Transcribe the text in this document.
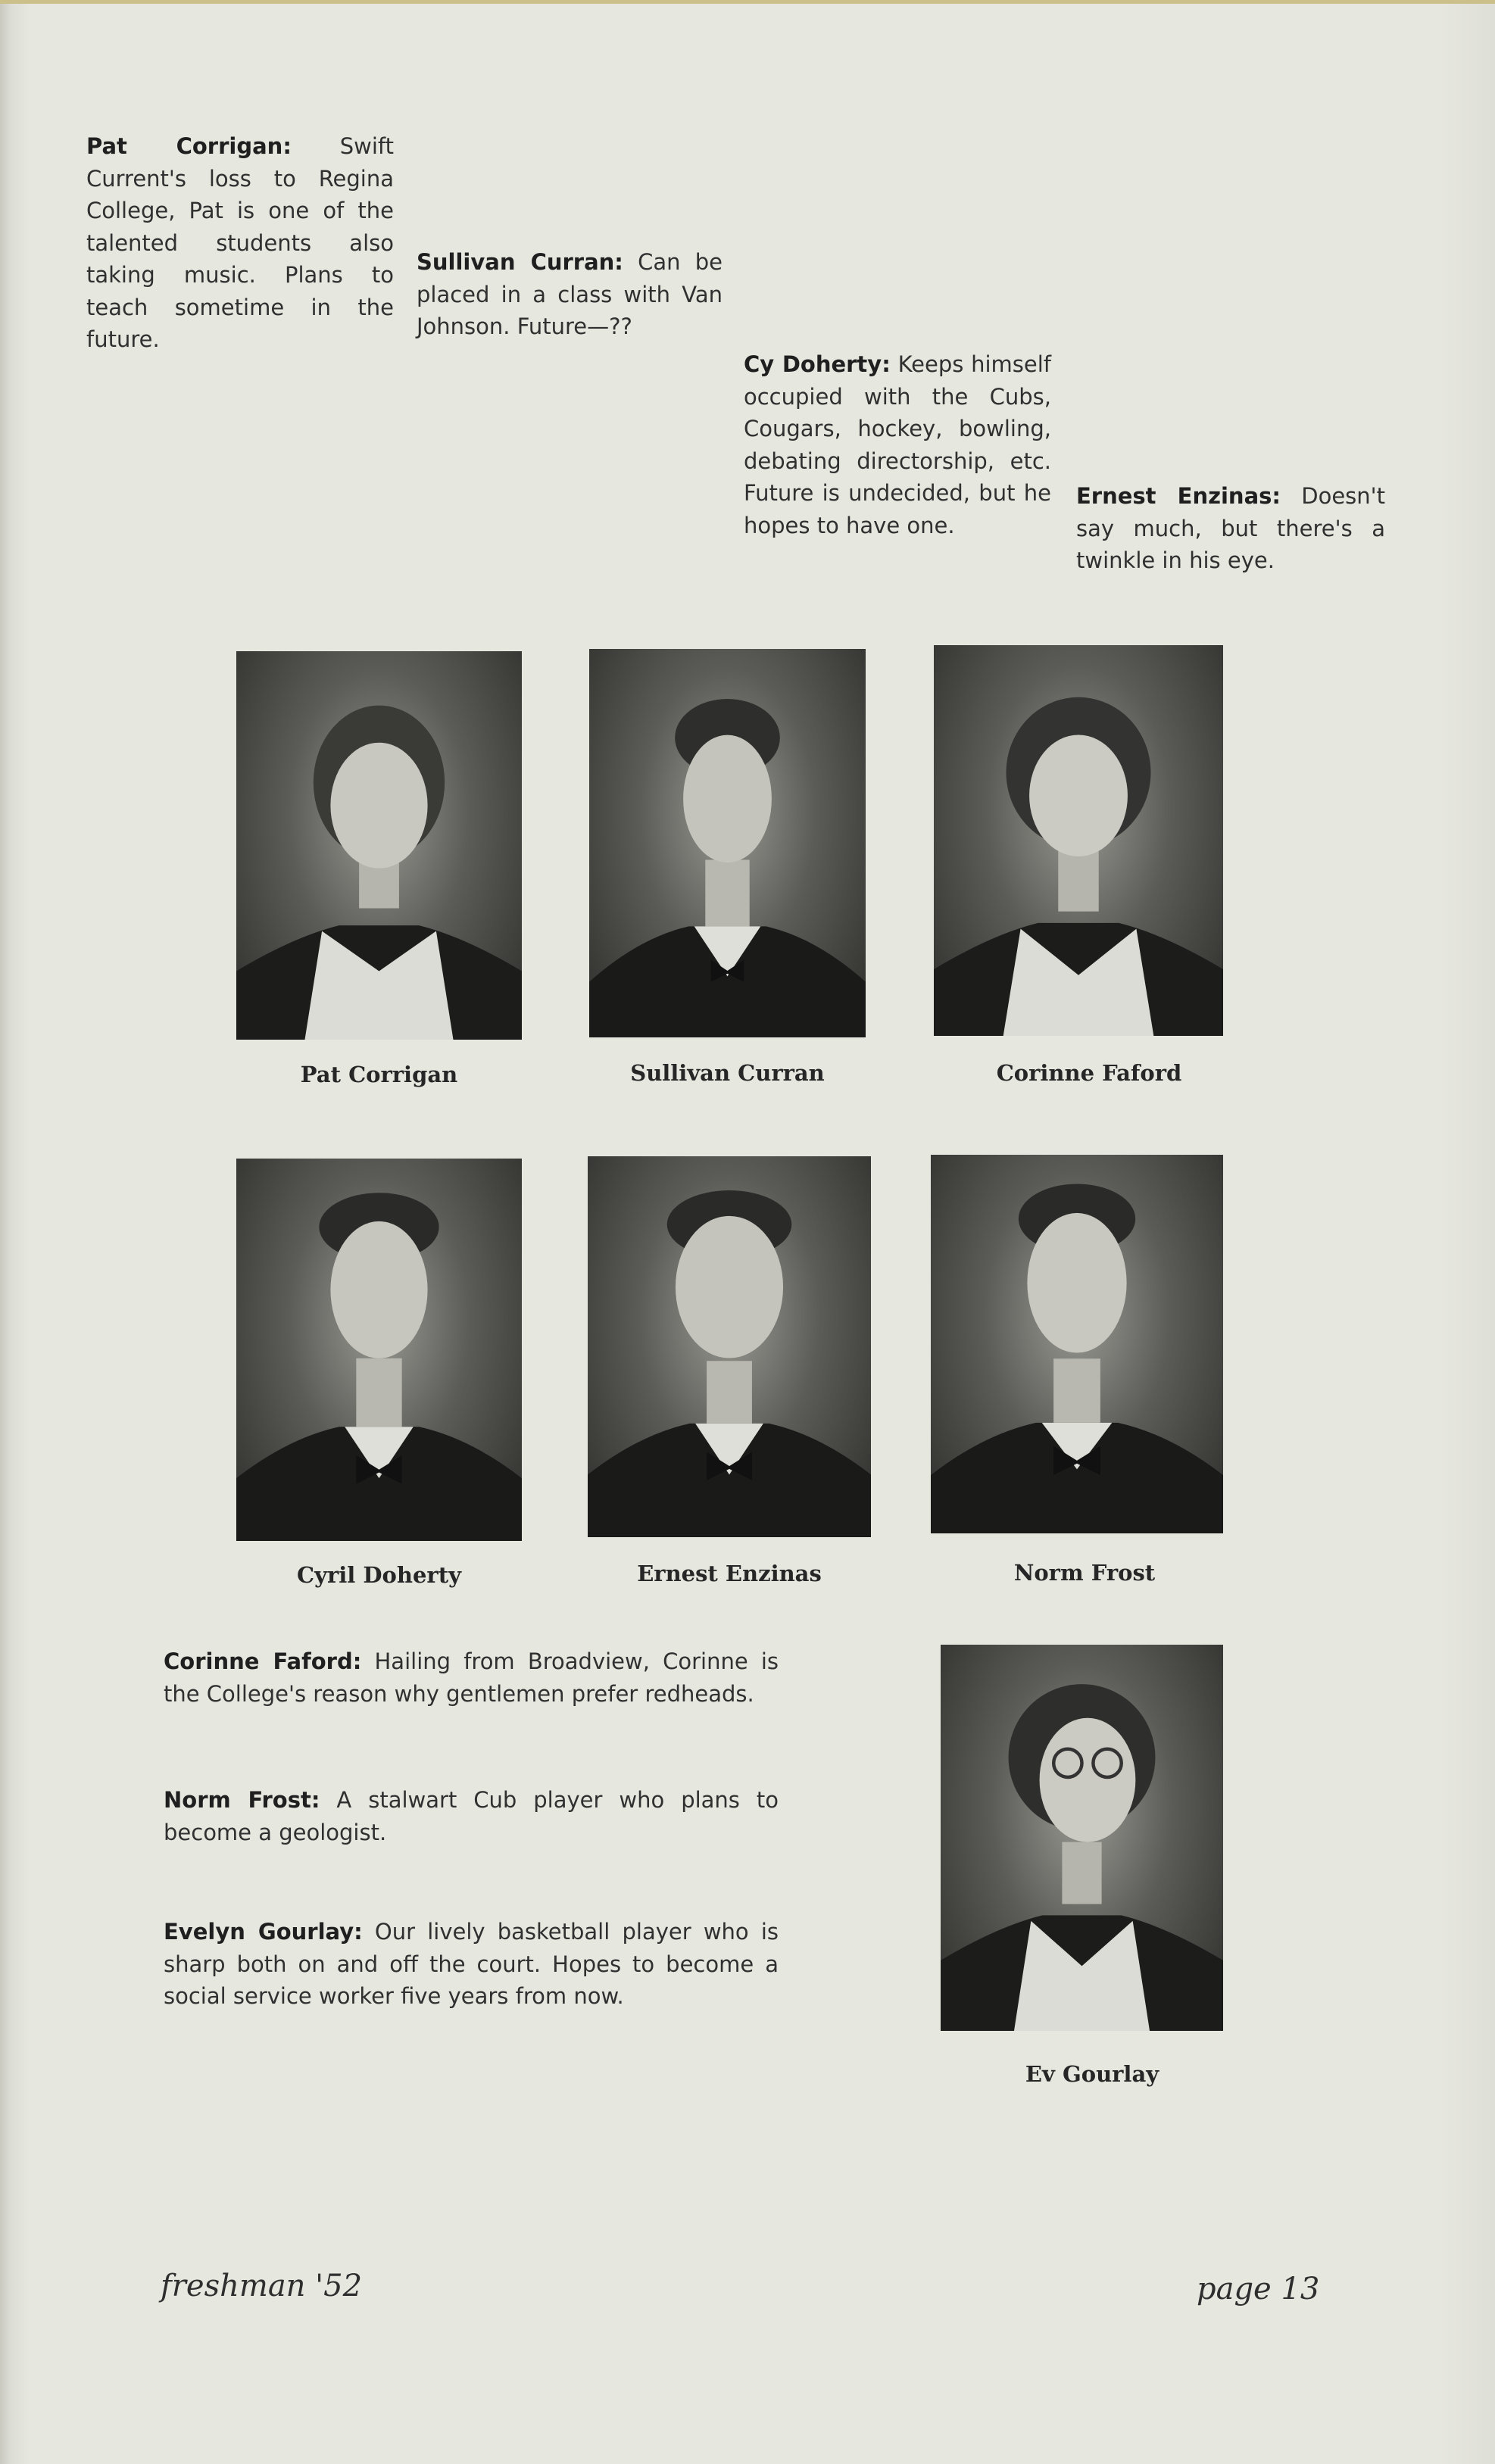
Pat Corrigan: Swift Current's loss to Regina College, Pat is one of the talented students also taking music. Plans to teach sometime in the future.

Sullivan Curran: Can be placed in a class with Van Johnson. Future—??

Cy Doherty: Keeps himself occupied with the Cubs, Cougars, hockey, bowling, debating directorship, etc. Future is undecided, but he hopes to have one.

Ernest Enzinas: Doesn't say much, but there's a twinkle in his eye.

Pat Corrigan	Sullivan Curran	Corinne Faford
Cyril Doherty	Ernest Enzinas	Norm Frost

Corinne Faford: Hailing from Broadview, Corinne is the College's reason why gentlemen prefer redheads.

Norm Frost: A stalwart Cub player who plans to become a geologist.

Evelyn Gourlay: Our lively basketball player who is sharp both on and off the court. Hopes to become a social service worker five years from now.

Ev Gourlay
freshman '52	page 13
